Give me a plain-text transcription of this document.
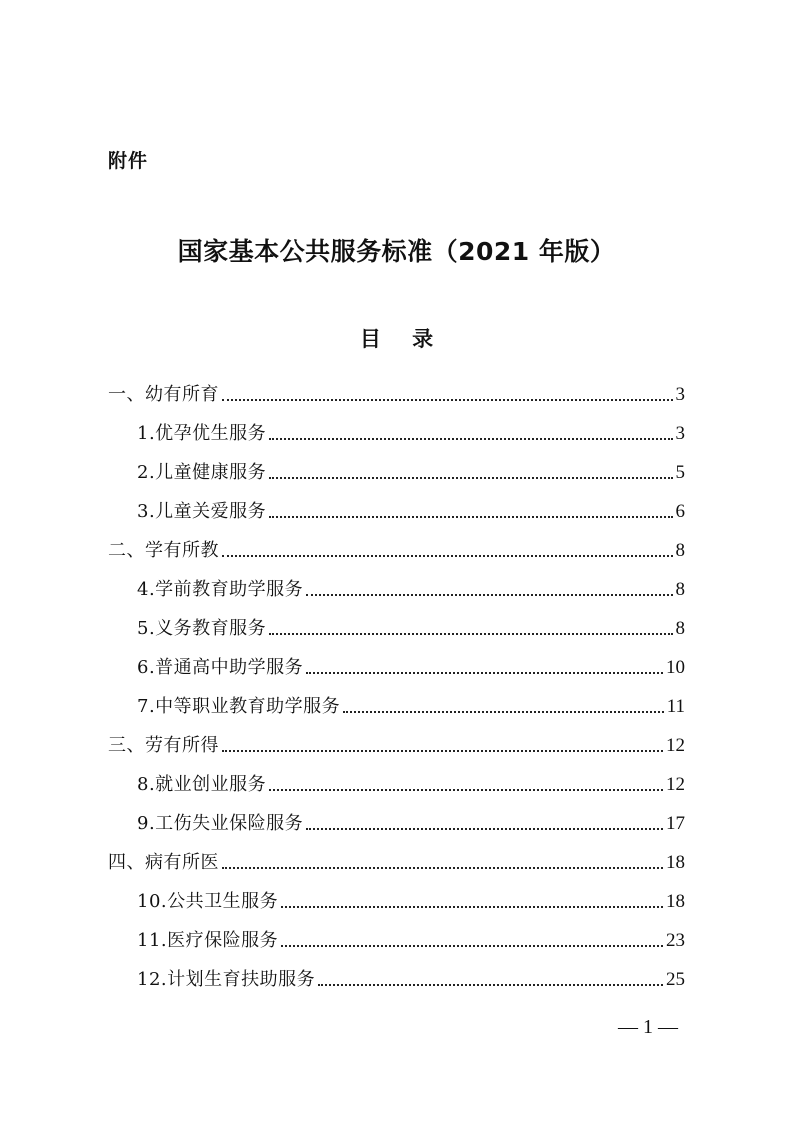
附件
国家基本公共服务标准（2021 年版）
目 录
一、幼有所育	3
1.优孕优生服务	3
2.儿童健康服务	5
3.儿童关爱服务	6
二、学有所教	8
4.学前教育助学服务	8
5.义务教育服务	8
6.普通高中助学服务	10
7.中等职业教育助学服务	11
三、劳有所得	12
8.就业创业服务	12
9.工伤失业保险服务	17
四、病有所医	18
10.公共卫生服务	18
11.医疗保险服务	23
12.计划生育扶助服务	25
— 1 —
